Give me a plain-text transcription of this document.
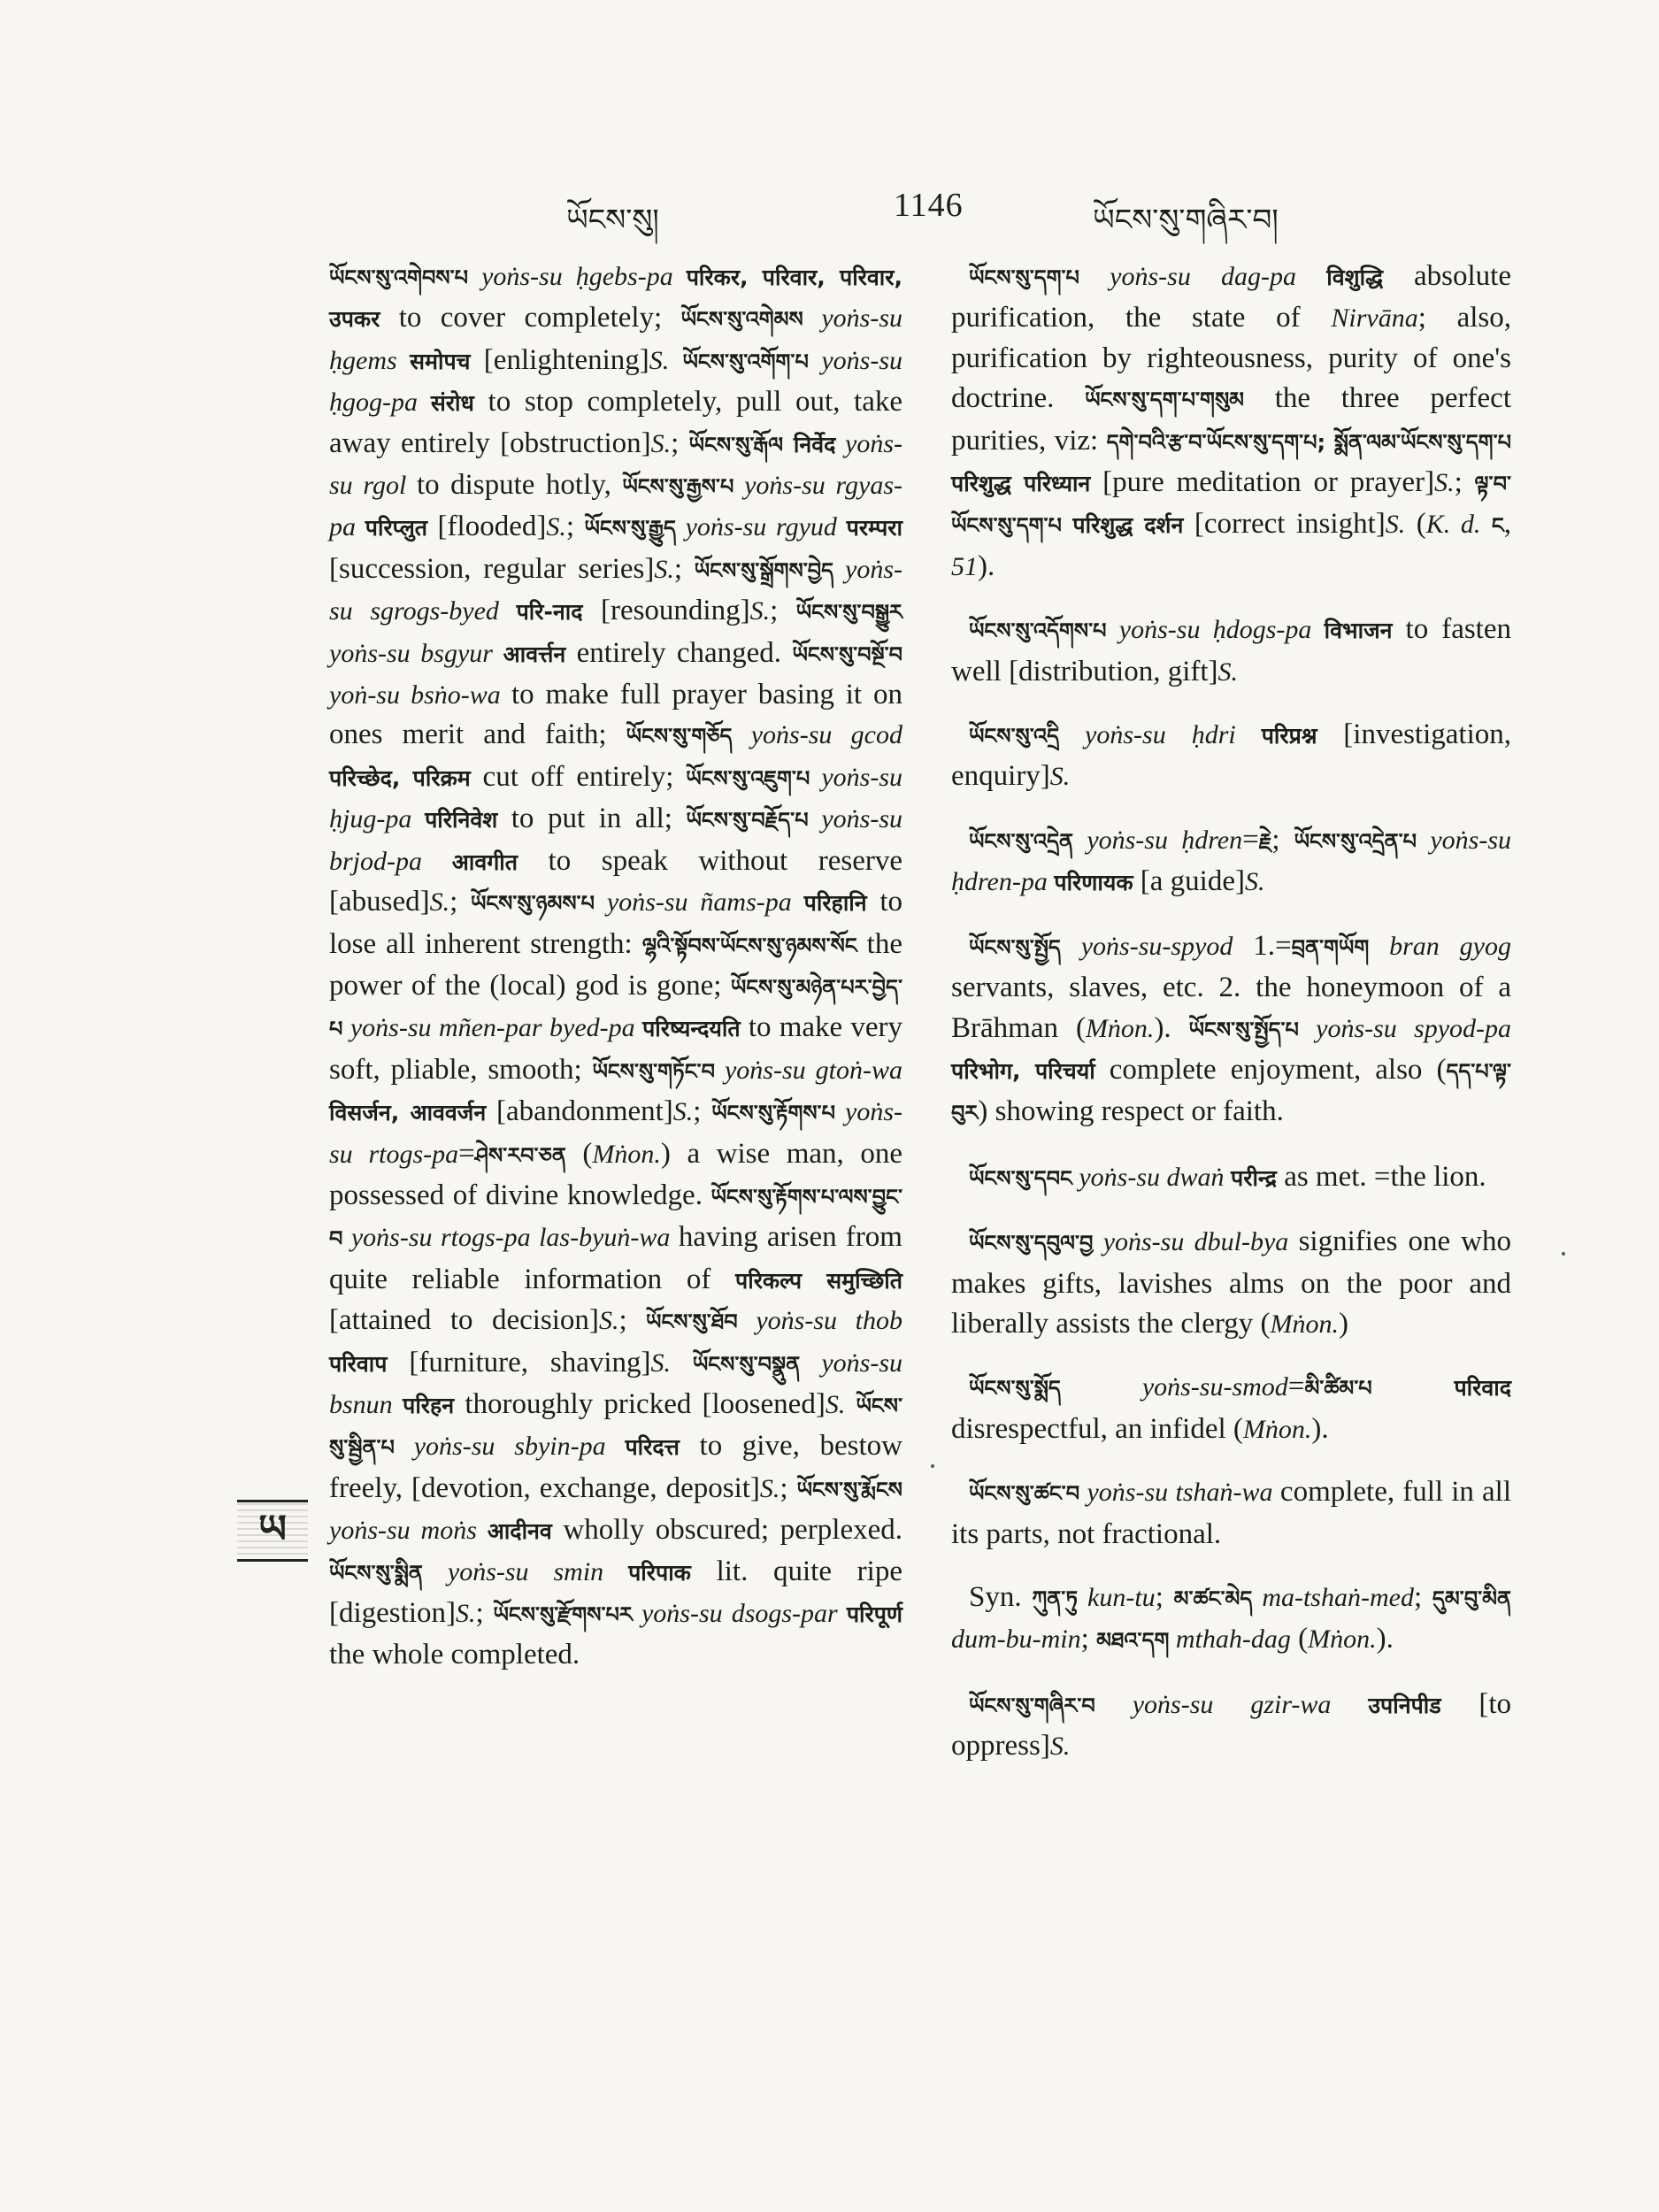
ཡོངས་སུ།	1146	ཡོངས་སུ་གཞིར་བ།
ཡ

ཡོངས་སུ་འགེབས་པ yoṅs-su ḥgebs-pa परिकर, परिवार, परिवार, उपकर to cover completely; ཡོངས་སུ་འགེམས yoṅs-su ḥgems समोपच [enlightening]S. ཡོངས་སུ་འགོག་པ yoṅs-su ḥgog-pa संरोध to stop completely, pull out, take away entirely [obstruction]S.; ཡོངས་སུ་རྒོལ निर्वेद yoṅs-su rgol to dispute hotly, ཡོངས་སུ་རྒྱས་པ yoṅs-su rgyas-pa परिप्लुत [flooded]S.; ཡོངས་སུ་རྒྱུད yoṅs-su rgyud परम्परा [succession, regular series]S.; ཡོངས་སུ་སྒྲོགས་བྱེད yoṅs-su sgrogs-byed परि-नाद [resounding]S.; ཡོངས་སུ་བསྒྱུར yoṅs-su bsgyur आवर्त्तन entirely changed. ཡོངས་སུ་བསྔོ་བ yoṅ-su bsṅo-wa to make full prayer basing it on ones merit and faith; ཡོངས་སུ་གཅོད yoṅs-su gcod परिच्छेद, परिक्रम cut off entirely; ཡོངས་སུ་འཇུག་པ yoṅs-su ḥjug-pa परिनिवेश to put in all; ཡོངས་སུ་བརྗོད་པ yoṅs-su brjod-pa आवगीत to speak without reserve [abused]S.; ཡོངས་སུ་ཉམས་པ yoṅs-su ñams-pa परिहानि to lose all inherent strength: ལྷའི་སྟོབས་ཡོངས་སུ་ཉམས་སོང the power of the (local) god is gone; ཡོངས་སུ་མཉེན་པར་བྱེད་པ yoṅs-su mñen-par byed-pa परिष्यन्दयति to make very soft, pliable, smooth; ཡོངས་སུ་གཏོང་བ yoṅs-su gtoṅ-wa विसर्जन, आववर्जन [abandonment]S.; ཡོངས་སུ་རྟོགས་པ yoṅs-su rtogs-pa=ཤེས་རབ་ཅན (Mṅon.) a wise man, one possessed of divine knowledge. ཡོངས་སུ་རྟོགས་པ་ལས་བྱུང་བ yoṅs-su rtogs-pa las-byuṅ-wa having arisen from quite reliable information of परिकल्प समुच्छिति [attained to decision]S.; ཡོངས་སུ་ཐོབ yoṅs-su thob परिवाप [furniture, shaving]S. ཡོངས་སུ་བསྣུན yoṅs-su bsnun परिहन thoroughly pricked [loosened]S. ཡོངས་སུ་སྦྱིན་པ yoṅs-su sbyin-pa परिदत्त to give, bestow freely, [devotion, exchange, deposit]S.; ཡོངས་སུ་རྨོངས yoṅs-su moṅs आदीनव wholly obscured; perplexed. ཡོངས་སུ་སྨིན yoṅs-su smin परिपाक lit. quite ripe [digestion]S.; ཡོངས་སུ་རྫོགས་པར yoṅs-su dsogs-par परिपूर्ण the whole completed.

ཡོངས་སུ་དག་པ yoṅs-su dag-pa विशुद्धि absolute purification, the state of Nirvāna; also, purification by righteousness, purity of one's doctrine. ཡོངས་སུ་དག་པ་གསུམ the three perfect purities, viz: དགེ་བའི་རྩ་བ་ཡོངས་སུ་དག་པ; སྨོན་ལམ་ཡོངས་སུ་དག་པ परिशुद्ध परिध्यान [pure meditation or prayer]S.; ལྟ་བ་ཡོངས་སུ་དག་པ परिशुद्ध दर्शन [correct insight]S. (K. d. ང, 51).

ཡོངས་སུ་འདོགས་པ yoṅs-su ḥdogs-pa विभाजन to fasten well [distribution, gift]S.

ཡོངས་སུ་འདྲི yoṅs-su ḥdri परिप्रश्न [investigation, enquiry]S.

ཡོངས་སུ་འདྲེན yoṅs-su ḥdren=རྗེ; ཡོངས་སུ་འདྲེན་པ yoṅs-su ḥdren-pa परिणायक [a guide]S.

ཡོངས་སུ་སྤྱོད yoṅs-su-spyod 1.=བྲན་གཡོག bran gyog servants, slaves, etc. 2. the honeymoon of a Brāhman (Mṅon.). ཡོངས་སུ་སྤྱོད་པ yoṅs-su spyod-pa परिभोग, परिचर्या complete enjoyment, also (དད་པ་ལྟ་བུར) showing respect or faith.

ཡོངས་སུ་དབང yoṅs-su dwaṅ परीन्द्र as met. =the lion.

ཡོངས་སུ་དབུལ་བྱ yoṅs-su dbul-bya signifies one who makes gifts, lavishes alms on the poor and liberally assists the clergy (Mṅon.)

ཡོངས་སུ་སྨོད yoṅs-su-smod=མི་ཚིམ་པ	परिवाद disrespectful, an infidel (Mṅon.).

ཡོངས་སུ་ཚང་བ yoṅs-su tshaṅ-wa complete, full in all its parts, not fractional.

Syn. ཀུན་ཏུ kun-tu; མ་ཚང་མེད ma-tshaṅ-med; དུམ་བུ་མིན dum-bu-min; མཐའ་དག mthah-dag (Mṅon.).

ཡོངས་སུ་གཞིར་བ yoṅs-su gzir-wa उपनिपीड [to oppress]S.
